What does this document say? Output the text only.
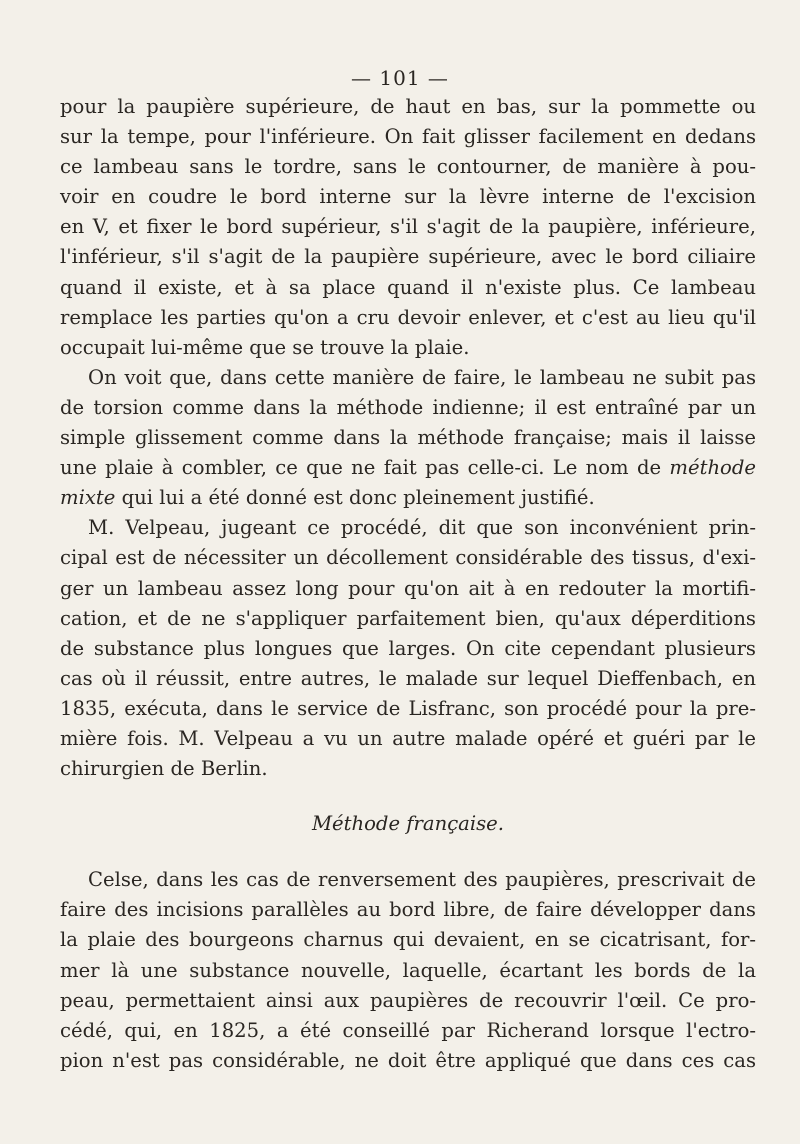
— 101 —
pour la paupière supérieure, de haut en bas, sur la pommette ou
sur la tempe, pour l'inférieure. On fait glisser facilement en dedans
ce lambeau sans le tordre, sans le contourner, de manière à pou-
voir en coudre le bord interne sur la lèvre interne de l'excision
en V, et fixer le bord supérieur, s'il s'agit de la paupière, inférieure,
l'inférieur, s'il s'agit de la paupière supérieure, avec le bord ciliaire
quand il existe, et à sa place quand il n'existe plus. Ce lambeau
remplace les parties qu'on a cru devoir enlever, et c'est au lieu qu'il
occupait lui-même que se trouve la plaie.
On voit que, dans cette manière de faire, le lambeau ne subit pas
de torsion comme dans la méthode indienne; il est entraîné par un
simple glissement comme dans la méthode française; mais il laisse
une plaie à combler, ce que ne fait pas celle-ci. Le nom de méthode
mixte qui lui a été donné est donc pleinement justifié.
M. Velpeau, jugeant ce procédé, dit que son inconvénient prin-
cipal est de nécessiter un décollement considérable des tissus, d'exi-
ger un lambeau assez long pour qu'on ait à en redouter la mortifi-
cation, et de ne s'appliquer parfaitement bien, qu'aux déperditions
de substance plus longues que larges. On cite cependant plusieurs
cas où il réussit, entre autres, le malade sur lequel Dieffenbach, en
1835, exécuta, dans le service de Lisfranc, son procédé pour la pre-
mière fois. M. Velpeau a vu un autre malade opéré et guéri par le
chirurgien de Berlin.
Méthode française.
Celse, dans les cas de renversement des paupières, prescrivait de
faire des incisions parallèles au bord libre, de faire développer dans
la plaie des bourgeons charnus qui devaient, en se cicatrisant, for-
mer là une substance nouvelle, laquelle, écartant les bords de la
peau, permettaient ainsi aux paupières de recouvrir l'œil. Ce pro-
cédé, qui, en 1825, a été conseillé par Richerand lorsque l'ectro-
pion n'est pas considérable, ne doit être appliqué que dans ces cas
